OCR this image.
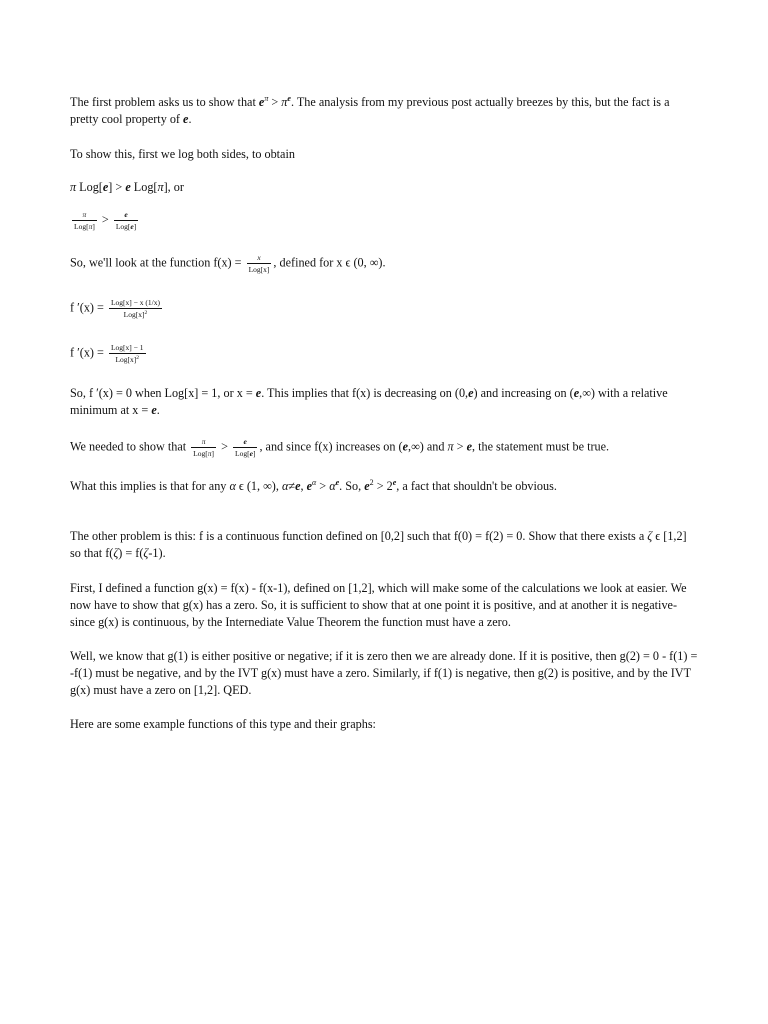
The first problem asks us to show that $e^\pi > \pi^e$. The analysis from my previous post actually breezes by this, but the fact is a pretty cool property of e.

To show this, first we log both sides, to obtain

π Log[e] > e Log[π], or

$\frac{\pi}{\text{Log[π]}} > \frac{e}{\text{Log[e]}}$

So, we'll look at the function $f(x) = \frac{x}{\text{Log[x]}}$ , defined for x ϵ (0, ∞).

f $'(x) = \frac{\text{Log[x] − x (1/x)}}{Log[x]^2}$

f $'(x) = \frac{\text{Log[x] − 1}}{Log[x]^2}$

So, f ′(x) = 0 when Log[x] = 1, or x = e. This implies that f(x) is decreasing on (0,e) and increasing on (e,∞) with a relative minimum at x = e.

We needed to show that $\frac{\pi}{\text{Log[π]}} > \frac{e}{\text{Log[e]}}$ , and since f(x) increases on (e,∞) and π > e, the statement must be true.

What this implies is that for any α ϵ (1, ∞), α≠e, $e^\alpha > \alpha^e$. So, $e^2 > 2^e$, a fact that shouldn't be obvious.

The other problem is this: f is a continuous function defined on [0,2] such that f(0) = f(2) = 0. Show that there exists a ζ ϵ [1,2] so that f(ζ) = f(ζ-1).

First, I defined a function g(x) = f(x) - f(x-1), defined on [1,2], which will make some of the calculations we look at easier. We now have to show that g(x) has a zero. So, it is sufficient to show that at one point it is positive, and at another it is negative- since g(x) is continuous, by the Internediate Value Theorem the function must have a zero.

Well, we know that g(1) is either positive or negative; if it is zero then we are already done. If it is positive, then g(2) = 0 - f(1) = -f(1) must be negative, and by the IVT g(x) must have a zero. Similarly, if f(1) is negative, then g(2) is positive, and by the IVT g(x) must have a zero on [1,2]. QED.

Here are some example functions of this type and their graphs:
